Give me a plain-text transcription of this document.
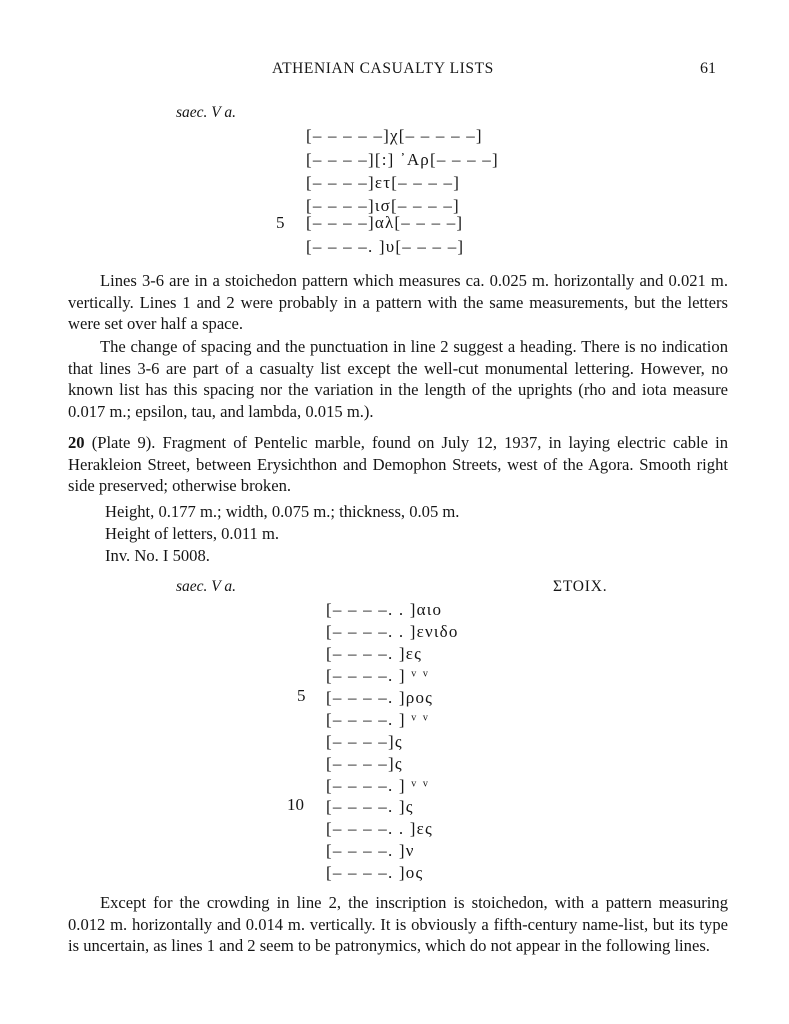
ATHENIAN CASUALTY LISTS	61
saec. V a.
[– – – – –]χ[– – – – –]
[– – – –][:] ᾽Αρ[– – – –]
[– – – –]ετ[– – – –]
[– – – –]ισ[– – – –]
5 [– – – –]αλ[– – – –]
[– – – –. ]υ[– – – –]

Lines 3-6 are in a stoichedon pattern which measures ca. 0.025 m. horizontally and 0.021 m. vertically. Lines 1 and 2 were probably in a pattern with the same measurements, but the letters were set over half a space.

The change of spacing and the punctuation in line 2 suggest a heading. There is no indication that lines 3-6 are part of a casualty list except the well-cut monumental lettering. However, no known list has this spacing nor the variation in the length of the uprights (rho and iota measure 0.017 m.; epsilon, tau, and lambda, 0.015 m.).

20 (Plate 9). Fragment of Pentelic marble, found on July 12, 1937, in laying electric cable in Herakleion Street, between Erysichthon and Demophon Streets, west of the Agora. Smooth right side preserved; otherwise broken.

Height, 0.177 m.; width, 0.075 m.; thickness, 0.05 m.

Height of letters, 0.011 m.

Inv. No. I 5008.

saec. V a.	ΣΤΟΙΧ.
[– – – –. . ]αιο
[– – – –. . ]ενιδο
[– – – –. ]ες
[– – – –. ] ᵛ ᵛ
5 [– – – –. ]ρος
[– – – –. ] ᵛ ᵛ
[– – – –]ς
[– – – –]ς
[– – – –. ] ᵛ ᵛ
10 [– – – –. ]ς
[– – – –. . ]ες
[– – – –. ]ν
[– – – –. ]ος

Except for the crowding in line 2, the inscription is stoichedon, with a pattern measuring 0.012 m. horizontally and 0.014 m. vertically. It is obviously a fifth-century name-list, but its type is uncertain, as lines 1 and 2 seem to be patronymics, which do not appear in the following lines.
